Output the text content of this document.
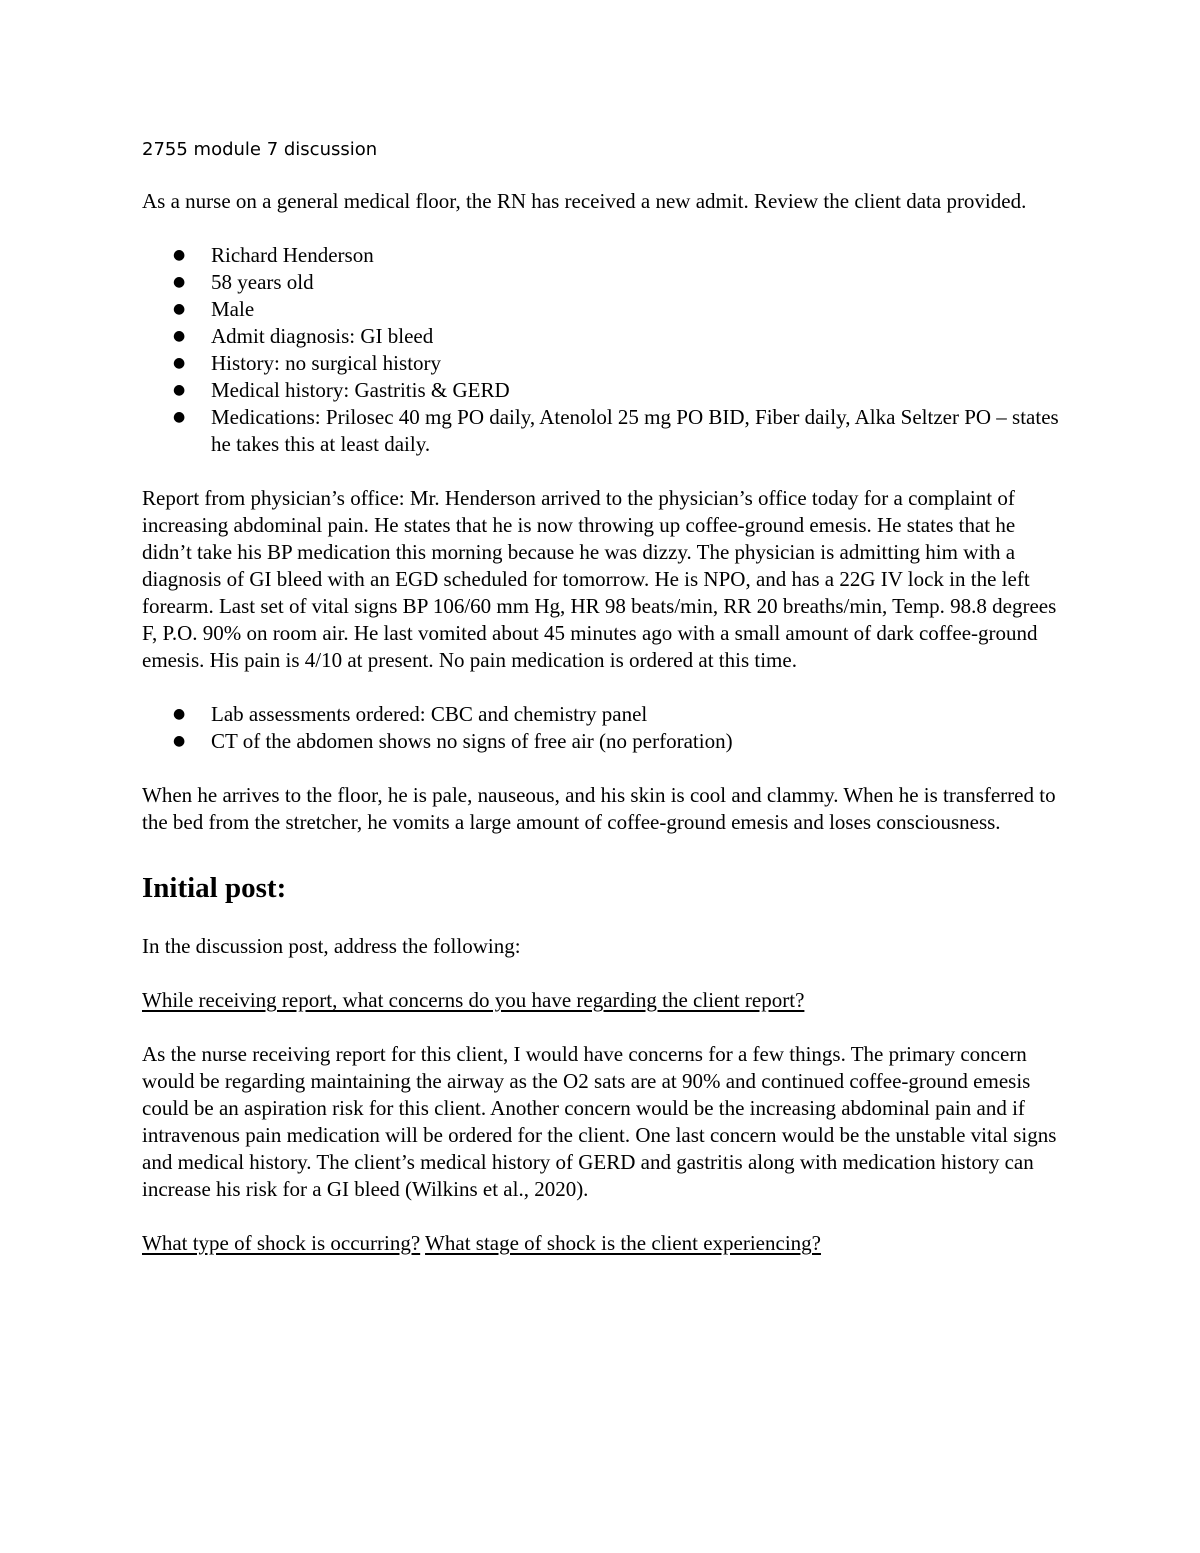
2755 module 7 discussion

As a nurse on a general medical floor, the RN has received a new admit. Review the client data provided.

● Richard Henderson
● 58 years old
● Male
● Admit diagnosis: GI bleed
● History: no surgical history
● Medical history: Gastritis & GERD
● Medications: Prilosec 40 mg PO daily, Atenolol 25 mg PO BID, Fiber daily, Alka Seltzer PO – states he takes this at least daily.

Report from physician’s office: Mr. Henderson arrived to the physician’s office today for a complaint of increasing abdominal pain. He states that he is now throwing up coffee-ground emesis. He states that he didn’t take his BP medication this morning because he was dizzy. The physician is admitting him with a diagnosis of GI bleed with an EGD scheduled for tomorrow. He is NPO, and has a 22G IV lock in the left forearm. Last set of vital signs BP 106/60 mm Hg, HR 98 beats/min, RR 20 breaths/min, Temp. 98.8 degrees F, P.O. 90% on room air. He last vomited about 45 minutes ago with a small amount of dark coffee-ground emesis. His pain is 4/10 at present. No pain medication is ordered at this time.

● Lab assessments ordered: CBC and chemistry panel
● CT of the abdomen shows no signs of free air (no perforation)

When he arrives to the floor, he is pale, nauseous, and his skin is cool and clammy. When he is transferred to the bed from the stretcher, he vomits a large amount of coffee-ground emesis and loses consciousness.

Initial post:

In the discussion post, address the following:

While receiving report, what concerns do you have regarding the client report?

As the nurse receiving report for this client, I would have concerns for a few things. The primary concern would be regarding maintaining the airway as the O2 sats are at 90% and continued coffee-ground emesis could be an aspiration risk for this client. Another concern would be the increasing abdominal pain and if intravenous pain medication will be ordered for the client. One last concern would be the unstable vital signs and medical history. The client’s medical history of GERD and gastritis along with medication history can increase his risk for a GI bleed (Wilkins et al., 2020).

What type of shock is occurring? What stage of shock is the client experiencing?
